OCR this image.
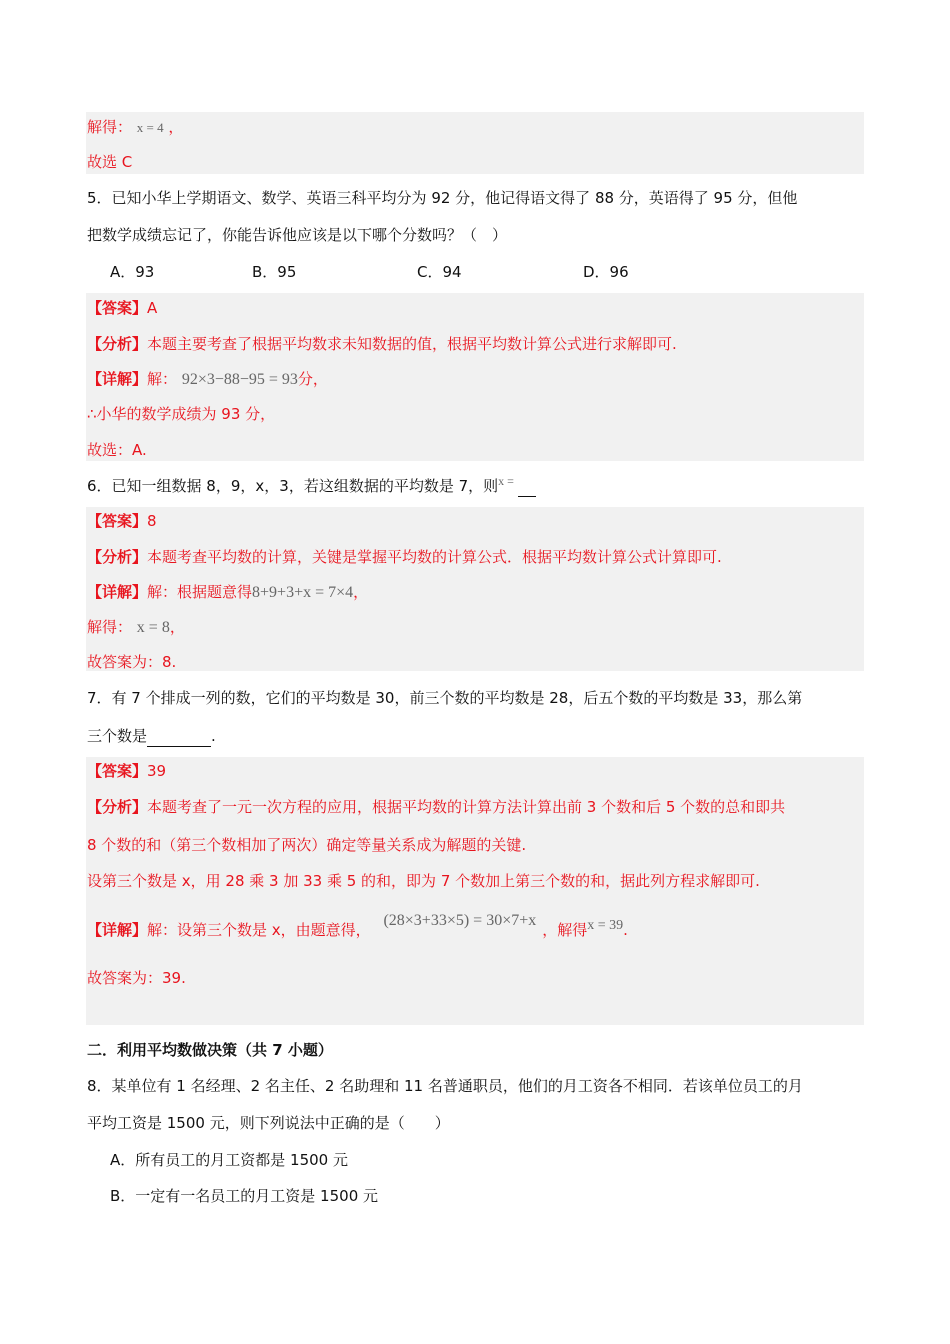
解得： x = 4 ，
故选 C
5．已知小华上学期语文、数学、英语三科平均分为 92 分，他记得语文得了 88 分，英语得了 95 分，但他
把数学成绩忘记了，你能告诉他应该是以下哪个分数吗？（　）
A．93	B．95	C．94	D．96
【答案】A
【分析】本题主要考查了根据平均数求未知数据的值，根据平均数计算公式进行求解即可.
【详解】解： 92×3−88−95 = 93分，
∴小华的数学成绩为 93 分，
故选：A.
6．已知一组数据 8，9，x，3，若这组数据的平均数是 7，则$^{x =}$
【答案】8
【分析】本题考查平均数的计算，关键是掌握平均数的计算公式．根据平均数计算公式计算即可.
【详解】解：根据题意得8+9+3+x = 7×4，
解得： x = 8，
故答案为：8.
7．有 7 个排成一列的数，它们的平均数是 30，前三个数的平均数是 28，后五个数的平均数是 33，那么第
三个数是	.
【答案】39
【分析】本题考查了一元一次方程的应用，根据平均数的计算方法计算出前 3 个数和后 5 个数的总和即共
8 个数的和（第三个数相加了两次）确定等量关系成为解题的关键.
设第三个数是 x，用 28 乘 3 加 33 乘 5 的和，即为 7 个数加上第三个数的和，据此列方程求解即可.
【详解】解：设第三个数是 x，由题意得， (28×3+33×5) = 30×7+x，解得x = 39.
故答案为：39.
二．利用平均数做决策（共 7 小题）
8．某单位有 1 名经理、2 名主任、2 名助理和 11 名普通职员，他们的月工资各不相同．若该单位员工的月
平均工资是 1500 元，则下列说法中正确的是（　　）
A．所有员工的月工资都是 1500 元
B．一定有一名员工的月工资是 1500 元
